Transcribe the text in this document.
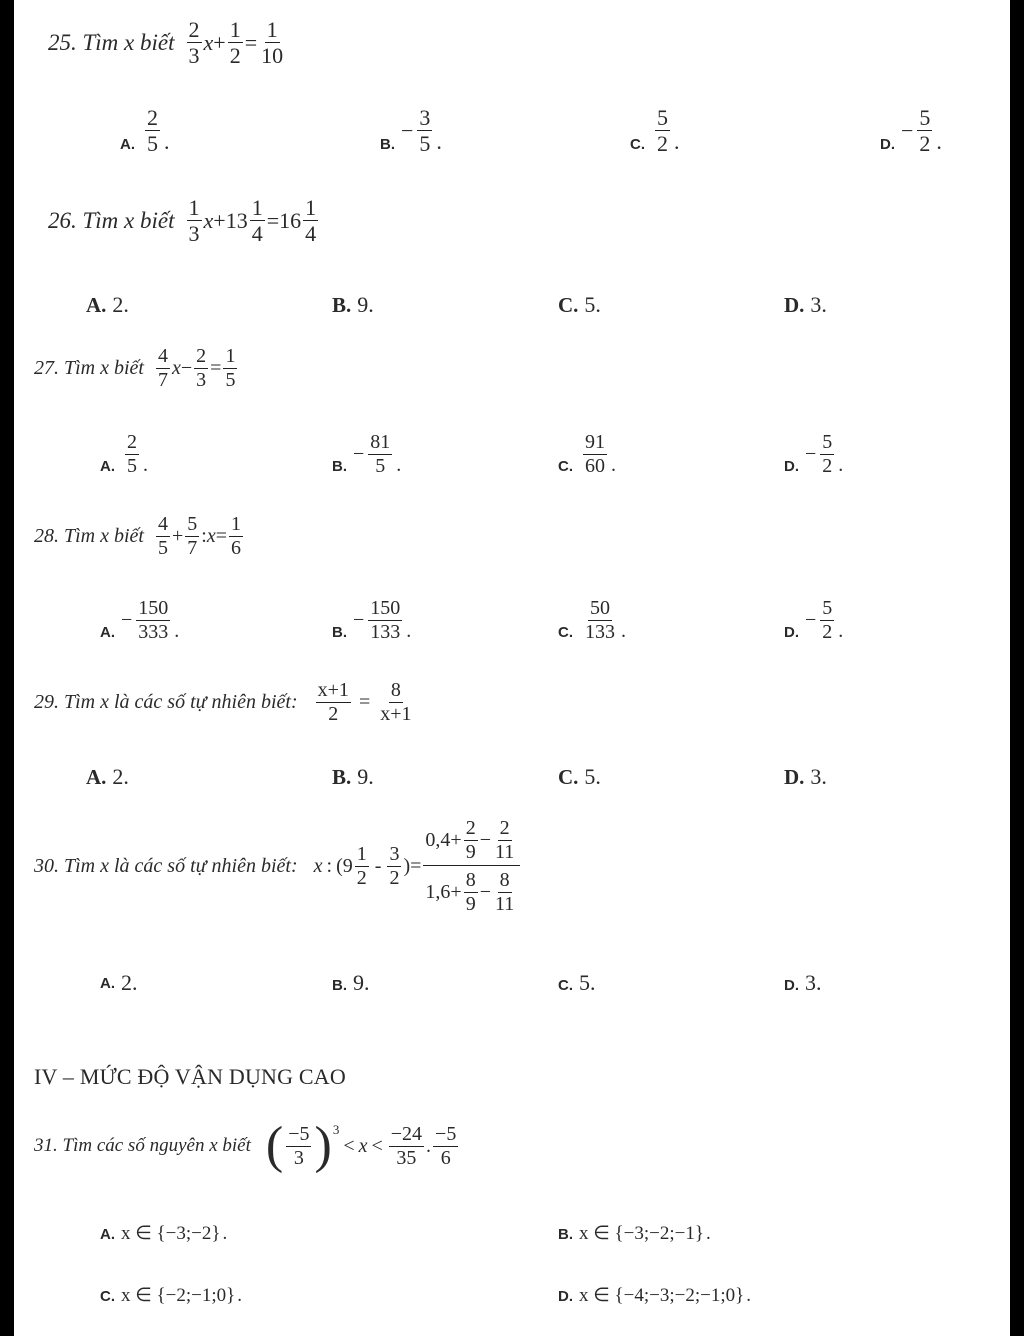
25. Tìm x biết $\frac{2}{3}$ $x + \frac{1}{2} = \frac{1}{10}$
A. $\frac{2}{5}$ .	B.
− $\frac{3}{5}$ .	C. $\frac{5}{2}$ .	D.
− $\frac{5}{2}$ .
26. Tìm x biết $\frac{1}{3}$ $x + 13 \frac{1}{4} = 16 \frac{1}{4}$
A. 2 .	B. 9 .	C. 5 .	D. 3 .
27. Tìm x biết $\frac{4}{7}$ $x - \frac{2}{3} = \frac{1}{5}$
A. $\frac{2}{5}$ .	B.
− $\frac{81}{5}$ .	C. $\frac{91}{60}$ .	D.
− $\frac{5}{2}$ .
28. Tìm x biết $\frac{4}{5} + \frac{5}{7}$ : $x = \frac{1}{6}$
A.
− $\frac{150}{333}$ .	B.
− $\frac{150}{133}$ .	C. $\frac{50}{133}$ .	D.
− $\frac{5}{2}$ .
29. Tìm x là các số tự nhiên biết: $\frac{x+1}{2} = \frac{8}{x+1}$
A. 2 .	B. 9 .	C. 5 .	D. 3 .
30. Tìm x là các số tự nhiên biết: x : ( $9 \frac{1}{2} - \frac{3}{2}$ ) = $\frac{0,4 + \frac{2}{9} - \frac{2}{11}}{1,6 + \frac{8}{9} - \frac{8}{11}}$
A. 2 .	B. 9 .	C. 5 .	D. 3 .
IV – MỨC ĐỘ VẬN DỤNG CAO
31. Tìm các số nguyên x biết ( $\frac{-5}{3}$ ) 3
< $x < \frac{-24}{35}$ . $\frac{-5}{6}$
A. x ∈ {−3;−2} .	B. x ∈ {−3;−2;−1} .
C. x ∈ {−2;−1;0} .	D. x ∈ {−4;−3;−2;−1;0} .
